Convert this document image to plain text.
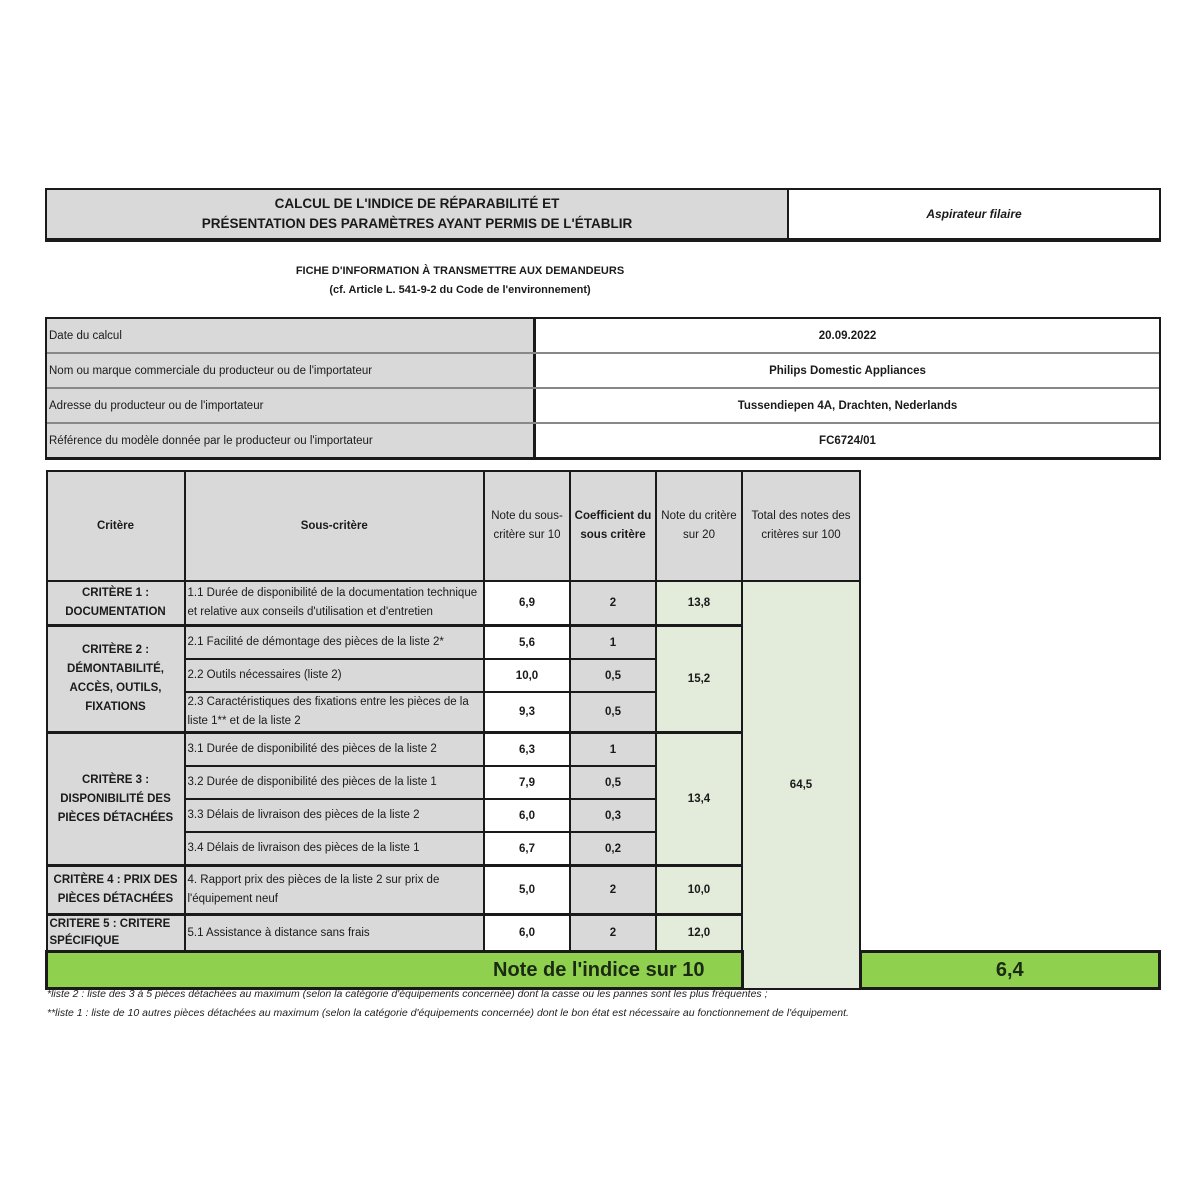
CALCUL DE L'INDICE DE RÉPARABILITÉ ET
PRÉSENTATION DES PARAMÈTRES AYANT PERMIS DE L'ÉTABLIR
Aspirateur filaire
FICHE D'INFORMATION À TRANSMETTRE AUX DEMANDEURS
(cf. Article L. 541-9-2 du Code de l'environnement)
Date du calcul	20.09.2022
Nom ou marque commerciale du producteur ou de l'importateur	Philips Domestic Appliances
Adresse du producteur ou de l'importateur	Tussendiepen 4A, Drachten, Nederlands
Référence du modèle donnée par le producteur ou l'importateur	FC6724/01
Critère	Sous-critère	Note du sous-critère sur 10	Coefficient du sous critère	Note du critère sur 20	Total des notes des critères sur 100	
CRITÈRE 1 : DOCUMENTATION	1.1 Durée de disponibilité de la documentation technique et relative aux conseils d'utilisation et d'entretien	6,9	2	13,8	64,5	
CRITÈRE 2 : DÉMONTABILITÉ, ACCÈS, OUTILS, FIXATIONS	2.1 Facilité de démontage des pièces de la liste 2*	5,6	1	15,2		
	2.2 Outils nécessaires (liste 2)	10,0	0,5			
	2.3 Caractéristiques des fixations entre les pièces de la liste 1** et de la liste 2	9,3	0,5			
CRITÈRE 3 : DISPONIBILITÉ DES PIÈCES DÉTACHÉES	3.1 Durée de disponibilité des pièces de la liste 2	6,3	1	13,4		
	3.2 Durée de disponibilité des pièces de la liste 1	7,9	0,5			
	3.3 Délais de livraison des pièces de la liste 2	6,0	0,3			
	3.4 Délais de livraison des pièces de la liste 1	6,7	0,2			
CRITÈRE 4 : PRIX DES PIÈCES DÉTACHÉES	4. Rapport prix des pièces de la liste 2 sur prix de l'équipement neuf	5,0	2	10,0		
CRITERE 5 : CRITERE SPÉCIFIQUE	5.1 Assistance à distance sans frais	6,0	2	12,0		
Note de l'indice sur 10						6,4
*liste 2 : liste des 3 à 5 pièces détachées au maximum (selon la catégorie d'équipements concernée) dont la casse ou les pannes sont les plus fréquentes ;
**liste 1 : liste de 10 autres pièces détachées au maximum (selon la catégorie d'équipements concernée) dont le bon état est nécessaire au fonctionnement de l'équipement.
